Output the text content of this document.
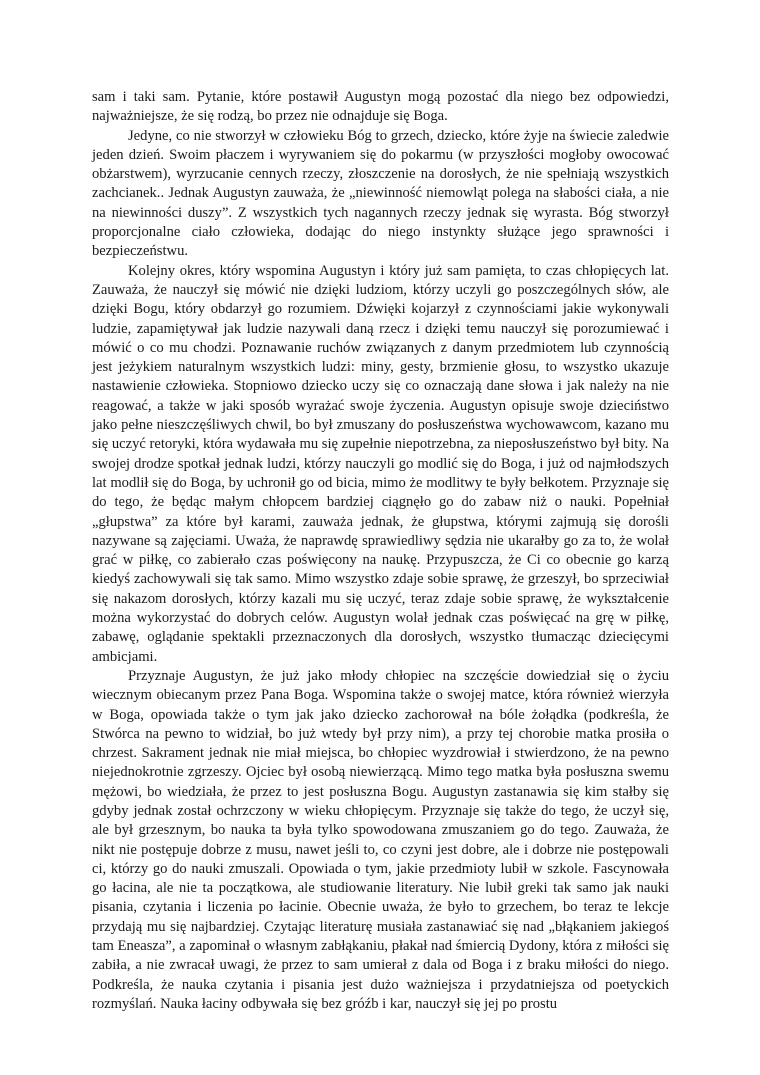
sam i taki sam. Pytanie, które postawił Augustyn mogą pozostać dla niego bez odpowiedzi, najważniejsze, że się rodzą, bo przez nie odnajduje się Boga.

Jedyne, co nie stworzył w człowieku Bóg to grzech, dziecko, które żyje na świecie zaledwie jeden dzień. Swoim płaczem i wyrywaniem się do pokarmu (w przyszłości mogłoby owocować obżarstwem), wyrzucanie cennych rzeczy, złoszczenie na dorosłych, że nie spełniają wszystkich zachcianek.. Jednak Augustyn zauważa, że „niewinność niemowląt polega na słabości ciała, a nie na niewinności duszy”. Z wszystkich tych nagannych rzeczy jednak się wyrasta. Bóg stworzył proporcjonalne ciało człowieka, dodając do niego instynkty służące jego sprawności i bezpieczeństwu.

Kolejny okres, który wspomina Augustyn i który już sam pamięta, to czas chłopięcych lat. Zauważa, że nauczył się mówić nie dzięki ludziom, którzy uczyli go poszczególnych słów, ale dzięki Bogu, który obdarzył go rozumiem. Dźwięki kojarzył z czynnościami jakie wykonywali ludzie, zapamiętywał jak ludzie nazywali daną rzecz i dzięki temu nauczył się porozumiewać i mówić o co mu chodzi. Poznawanie ruchów związanych z danym przedmiotem lub czynnością jest jeżykiem naturalnym wszystkich ludzi: miny, gesty, brzmienie głosu, to wszystko ukazuje nastawienie człowieka. Stopniowo dziecko uczy się co oznaczają dane słowa i jak należy na nie reagować, a także w jaki sposób wyrażać swoje życzenia. Augustyn opisuje swoje dzieciństwo jako pełne nieszczęśliwych chwil, bo był zmuszany do posłuszeństwa wychowawcom, kazano mu się uczyć retoryki, która wydawała mu się zupełnie niepotrzebna, za nieposłuszeństwo był bity. Na swojej drodze spotkał jednak ludzi, którzy nauczyli go modlić się do Boga, i już od najmłodszych lat modlił się do Boga, by uchronił go od bicia, mimo że modlitwy te były bełkotem. Przyznaje się do tego, że będąc małym chłopcem bardziej ciągnęło go do zabaw niż o nauki. Popełniał „głupstwa” za które był karami, zauważa jednak, że głupstwa, którymi zajmują się dorośli nazywane są zajęciami. Uważa, że naprawdę sprawiedliwy sędzia nie ukarałby go za to, że wolał grać w piłkę, co zabierało czas poświęcony na naukę. Przypuszcza, że Ci co obecnie go karzą kiedyś zachowywali się tak samo. Mimo wszystko zdaje sobie sprawę, że grzeszył, bo sprzeciwiał się nakazom dorosłych, którzy kazali mu się uczyć, teraz zdaje sobie sprawę, że wykształcenie można wykorzystać do dobrych celów. Augustyn wolał jednak czas poświęcać na grę w piłkę, zabawę, oglądanie spektakli przeznaczonych dla dorosłych, wszystko tłumacząc dziecięcymi ambicjami.

Przyznaje Augustyn, że już jako młody chłopiec na szczęście dowiedział się o życiu wiecznym obiecanym przez Pana Boga. Wspomina także o swojej matce, która również wierzyła w Boga, opowiada także o tym jak jako dziecko zachorował na bóle żołądka (podkreśla, że Stwórca na pewno to widział, bo już wtedy był przy nim), a przy tej chorobie matka prosiła o chrzest. Sakrament jednak nie miał miejsca, bo chłopiec wyzdrowiał i stwierdzono, że na pewno niejednokrotnie zgrzeszy. Ojciec był osobą niewierzącą. Mimo tego matka była posłuszna swemu mężowi, bo wiedziała, że przez to jest posłuszna Bogu. Augustyn zastanawia się kim stałby się gdyby jednak został ochrzczony w wieku chłopięcym. Przyznaje się także do tego, że uczył się, ale był grzesznym, bo nauka ta była tylko spowodowana zmuszaniem go do tego. Zauważa, że nikt nie postępuje dobrze z musu, nawet jeśli to, co czyni jest dobre, ale i dobrze nie postępowali ci, którzy go do nauki zmuszali. Opowiada o tym, jakie przedmioty lubił w szkole. Fascynowała go łacina, ale nie ta początkowa, ale studiowanie literatury. Nie lubił greki tak samo jak nauki pisania, czytania i liczenia po łacinie. Obecnie uważa, że było to grzechem, bo teraz te lekcje przydają mu się najbardziej. Czytając literaturę musiała zastanawiać się nad „błąkaniem jakiegoś tam Eneasza”, a zapominał o własnym zabłąkaniu, płakał nad śmiercią Dydony, która z miłości się zabiła, a nie zwracał uwagi, że przez to sam umierał z dala od Boga i z braku miłości do niego. Podkreśla, że nauka czytania i pisania jest dużo ważniejsza i przydatniejsza od poetyckich rozmyślań. Nauka łaciny odbywała się bez gróźb i kar, nauczył się jej po prostu
